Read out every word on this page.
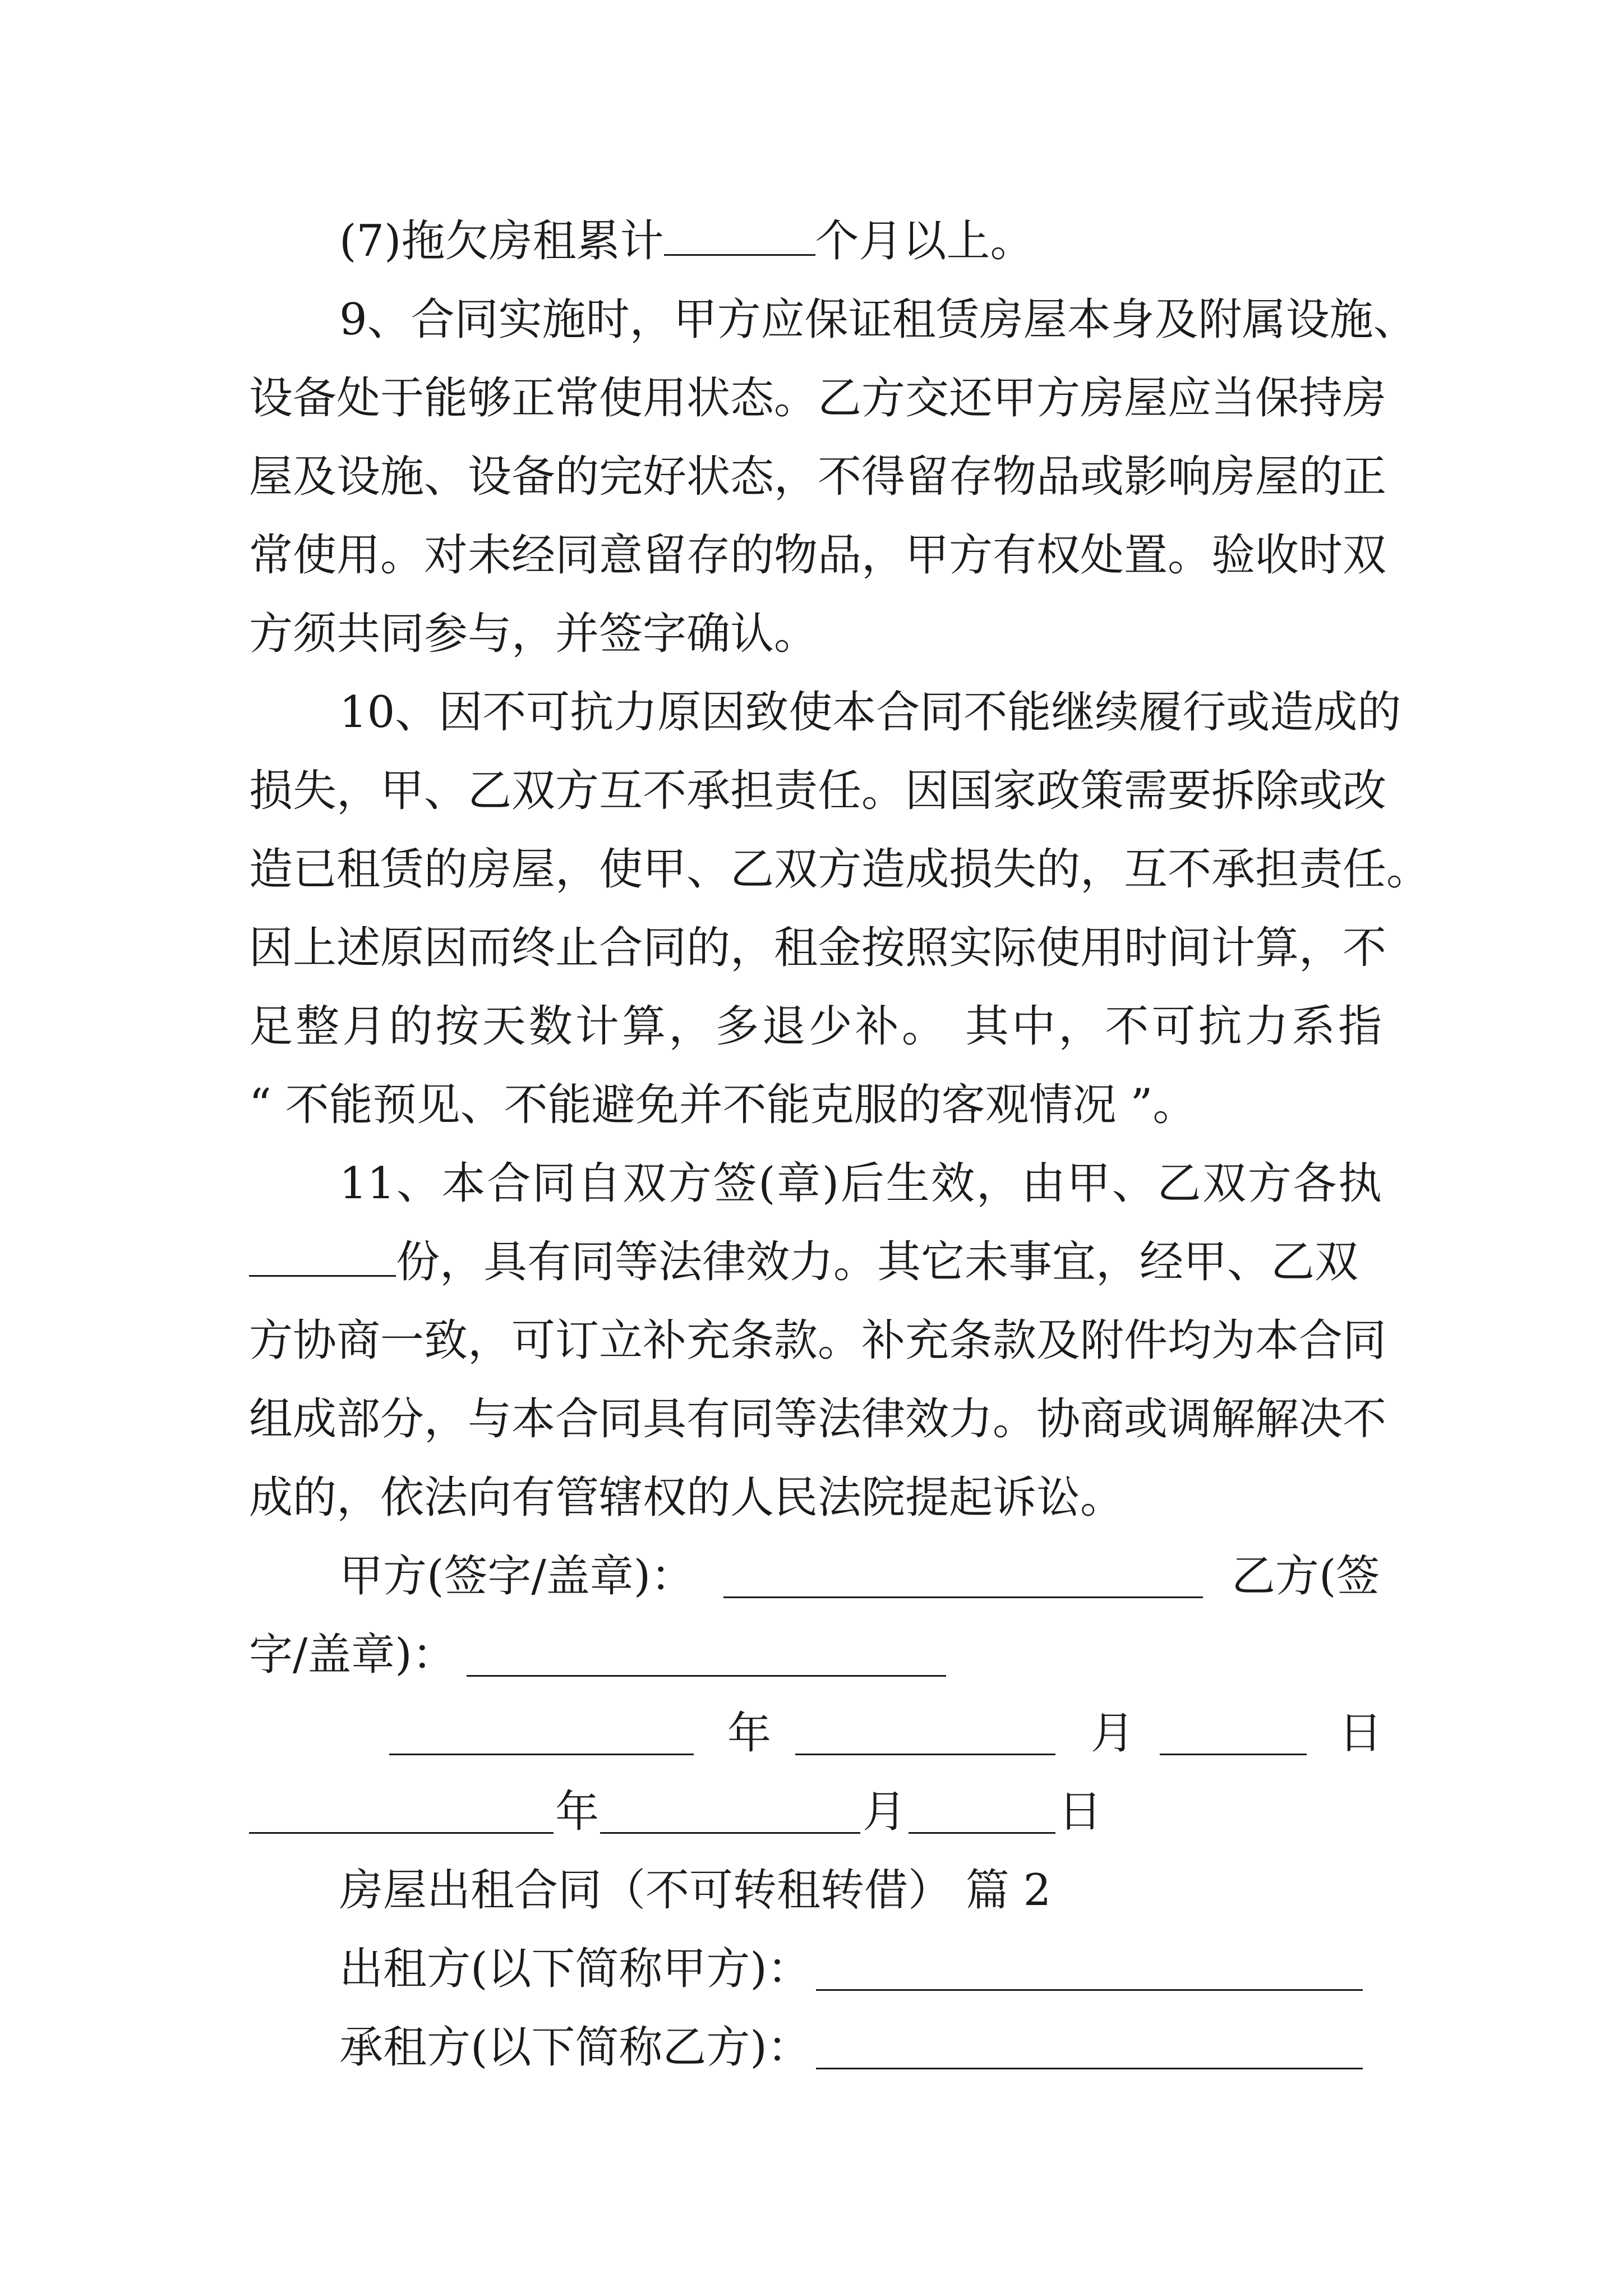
(7)拖欠房租累计	个月以上。
9、合同实施时，甲方应保证租赁房屋本身及附属设施、
设备处于能够正常使用状态。乙方交还甲方房屋应当保持房
屋及设施、设备的完好状态，不得留存物品或影响房屋的正
常使用。对未经同意留存的物品，甲方有权处置。验收时双
方须共同参与，并签字确认。
10、因不可抗力原因致使本合同不能继续履行或造成的
损失，甲、乙双方互不承担责任。因国家政策需要拆除或改
造已租赁的房屋，使甲、乙双方造成损失的，互不承担责任。
因上述原因而终止合同的，租金按照实际使用时间计算，不
足整月的按天数计算，多退少补。 其中，不可抗力系指
“ 不能预见、不能避免并不能克服的客观情况 ”。
11、本合同自双方签(章)后生效，由甲、乙双方各执
份，具有同等法律效力。其它未事宜，经甲、乙双
方协商一致，可订立补充条款。补充条款及附件均为本合同
组成部分，与本合同具有同等法律效力。协商或调解解决不
成的，依法向有管辖权的人民法院提起诉讼。
甲方(签字/盖章)：	乙方(签
字/盖章)：
年	月	日
年	月	日
房屋出租合同（不可转租转借） 篇 2
出租方(以下简称甲方)：
承租方(以下简称乙方)：
